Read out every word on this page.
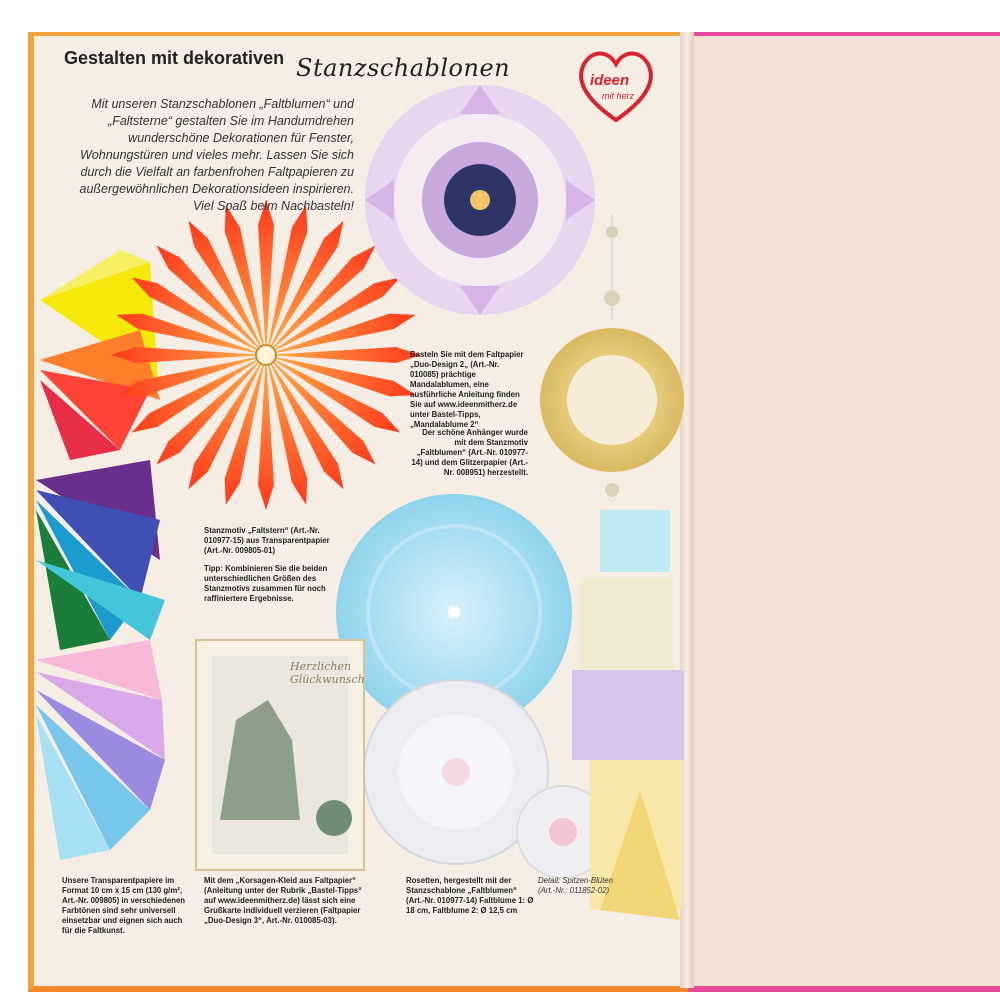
Gestalten mit dekorativen Stanzschablonen	ideen
mit herz
Mit unseren Stanzschablonen „Faltblumen“ und „Faltsterne“ gestalten Sie im Handumdrehen wunderschöne Dekorationen für Fenster, Wohnungstüren und vieles mehr. Lassen Sie sich durch die Vielfalt an farbenfrohen Faltpapieren zu außergewöhnlichen Dekorationsideen inspirieren. Viel Spaß beim Nachbasteln!
Basteln Sie mit dem Faltpapier „Duo-Design 2„ (Art.-Nr. 010085) prächtige Mandalablumen, eine ausführliche Anleitung finden Sie auf www.ideenmitherz.de unter Bastel-Tipps, „Mandalablume 2“
Der schöne Anhänger wurde mit dem Stanzmotiv „Faltblumen“ (Art.-Nr. 010977-14) und dem Glitzerpapier (Art.-Nr. 008951) herzestellt.
Stanzmotiv „Faltstern“ (Art.-Nr. 010977-15) aus Transparentpapier (Art.-Nr. 009805-01)
Tipp: Kombinieren Sie die beiden unterschiedlichen Größen des Stanzmotivs zusammen für noch raffiniertere Ergebnisse.
Unsere Transparentpapiere im Format 10 cm x 15 cm (130 g/m², Art.-Nr. 009805) in verschiedenen Farbtönen sind sehr universell einsetzbar und eignen sich auch für die Faltkunst.
Mit dem „Korsagen-Kleid aus Faltpapier“ (Anleitung unter der Rubrik „Bastel-Tipps“ auf www.ideenmitherz.de) lässt sich eine Grußkarte individuell verzieren (Faltpapier „Duo-Design 3“, Art.-Nr. 010085-03).
Rosetten, hergestellt mit der Stanzschablone „Faltblumen“ (Art.-Nr. 010977-14) Faltblume 1: Ø 18 cm, Faltblume 2: Ø 12,5 cm
Detail: Spitzen-Blüten (Art.-Nr.: 011852-02)
Herzlichen
Glückwunsch
